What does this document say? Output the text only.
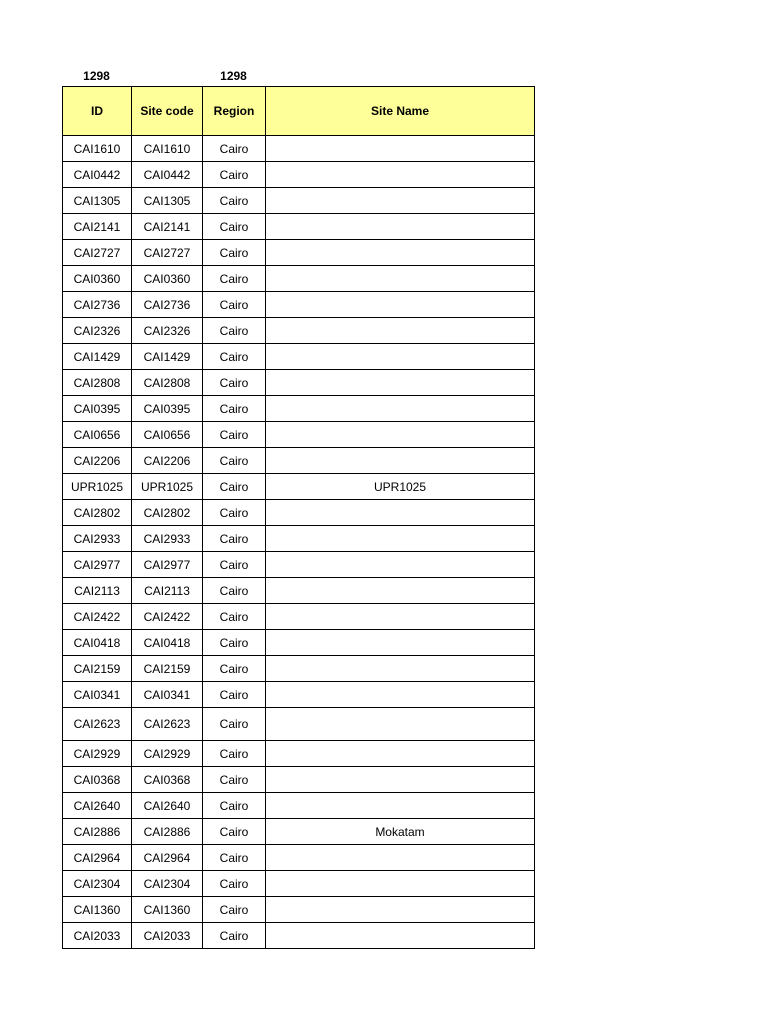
1298	1298
ID	Site code	Region	Site Name
CAI1610	CAI1610	Cairo	
CAI0442	CAI0442	Cairo	
CAI1305	CAI1305	Cairo	
CAI2141	CAI2141	Cairo	
CAI2727	CAI2727	Cairo	
CAI0360	CAI0360	Cairo	
CAI2736	CAI2736	Cairo	
CAI2326	CAI2326	Cairo	
CAI1429	CAI1429	Cairo	
CAI2808	CAI2808	Cairo	
CAI0395	CAI0395	Cairo	
CAI0656	CAI0656	Cairo	
CAI2206	CAI2206	Cairo	
UPR1025	UPR1025	Cairo	UPR1025
CAI2802	CAI2802	Cairo	
CAI2933	CAI2933	Cairo	
CAI2977	CAI2977	Cairo	
CAI2113	CAI2113	Cairo	
CAI2422	CAI2422	Cairo	
CAI0418	CAI0418	Cairo	
CAI2159	CAI2159	Cairo	
CAI0341	CAI0341	Cairo	
CAI2623	CAI2623	Cairo	
CAI2929	CAI2929	Cairo	
CAI0368	CAI0368	Cairo	
CAI2640	CAI2640	Cairo	
CAI2886	CAI2886	Cairo	Mokatam
CAI2964	CAI2964	Cairo	
CAI2304	CAI2304	Cairo	
CAI1360	CAI1360	Cairo	
CAI2033	CAI2033	Cairo	
